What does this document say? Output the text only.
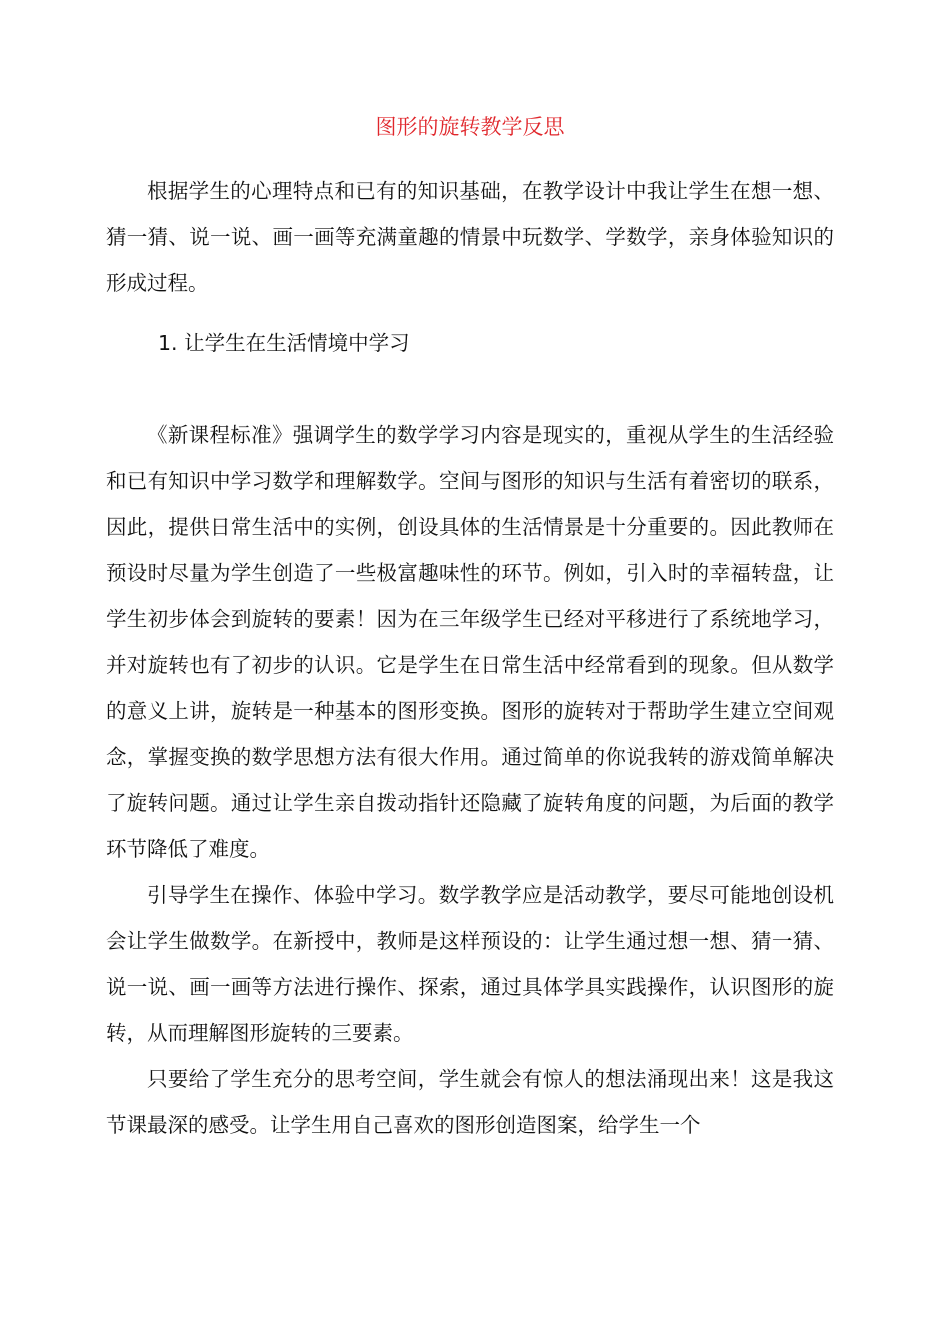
图形的旋转教学反思

根据学生的心理特点和已有的知识基础，在教学设计中我让学生在想一想、猜一猜、说一说、画一画等充满童趣的情景中玩数学、学数学，亲身体验知识的形成过程。

1. 让学生在生活情境中学习

《新课程标准》强调学生的数学学习内容是现实的，重视从学生的生活经验和已有知识中学习数学和理解数学。空间与图形的知识与生活有着密切的联系，因此，提供日常生活中的实例，创设具体的生活情景是十分重要的。因此教师在预设时尽量为学生创造了一些极富趣味性的环节。例如，引入时的幸福转盘，让学生初步体会到旋转的要素！因为在三年级学生已经对平移进行了系统地学习，并对旋转也有了初步的认识。它是学生在日常生活中经常看到的现象。但从数学的意义上讲，旋转是一种基本的图形变换。图形的旋转对于帮助学生建立空间观念，掌握变换的数学思想方法有很大作用。通过简单的你说我转的游戏简单解决了旋转问题。通过让学生亲自拨动指针还隐藏了旋转角度的问题，为后面的教学环节降低了难度。

引导学生在操作、体验中学习。数学教学应是活动教学，要尽可能地创设机会让学生做数学。在新授中，教师是这样预设的：让学生通过想一想、猜一猜、说一说、画一画等方法进行操作、探索，通过具体学具实践操作，认识图形的旋转，从而理解图形旋转的三要素。

只要给了学生充分的思考空间，学生就会有惊人的想法涌现出来！这是我这节课最深的感受。让学生用自己喜欢的图形创造图案，给学生一个
